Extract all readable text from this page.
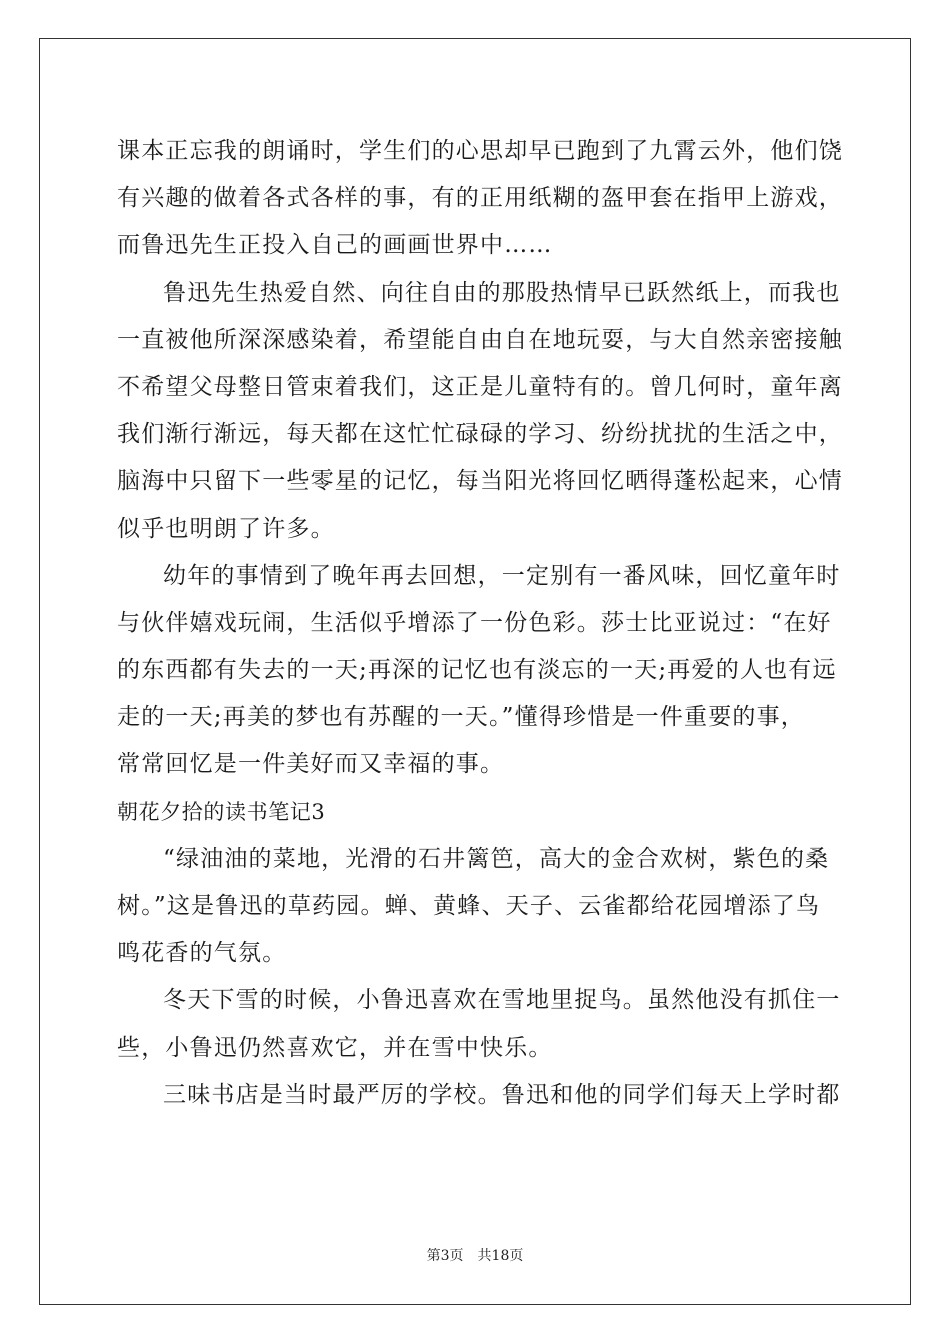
课本正忘我的朗诵时，学生们的心思却早已跑到了九霄云外，他们饶
有兴趣的做着各式各样的事，有的正用纸糊的盔甲套在指甲上游戏，
而鲁迅先生正投入自己的画画世界中……
鲁迅先生热爱自然、向往自由的那股热情早已跃然纸上，而我也
一直被他所深深感染着，希望能自由自在地玩耍，与大自然亲密接触
不希望父母整日管束着我们，这正是儿童特有的。曾几何时，童年离
我们渐行渐远，每天都在这忙忙碌碌的学习、纷纷扰扰的生活之中，
脑海中只留下一些零星的记忆，每当阳光将回忆晒得蓬松起来，心情
似乎也明朗了许多。
幼年的事情到了晚年再去回想，一定别有一番风味，回忆童年时
与伙伴嬉戏玩闹，生活似乎增添了一份色彩。莎士比亚说过：“在好
的东西都有失去的一天;再深的记忆也有淡忘的一天;再爱的人也有远
走的一天;再美的梦也有苏醒的一天。”懂得珍惜是一件重要的事，
常常回忆是一件美好而又幸福的事。
朝花夕拾的读书笔记3
“绿油油的菜地，光滑的石井篱笆，高大的金合欢树，紫色的桑
树。”这是鲁迅的草药园。蝉、黄蜂、天子、云雀都给花园增添了鸟
鸣花香的气氛。
冬天下雪的时候，小鲁迅喜欢在雪地里捉鸟。虽然他没有抓住一
些，小鲁迅仍然喜欢它，并在雪中快乐。
三味书店是当时最严厉的学校。鲁迅和他的同学们每天上学时都
第3页 共18页
